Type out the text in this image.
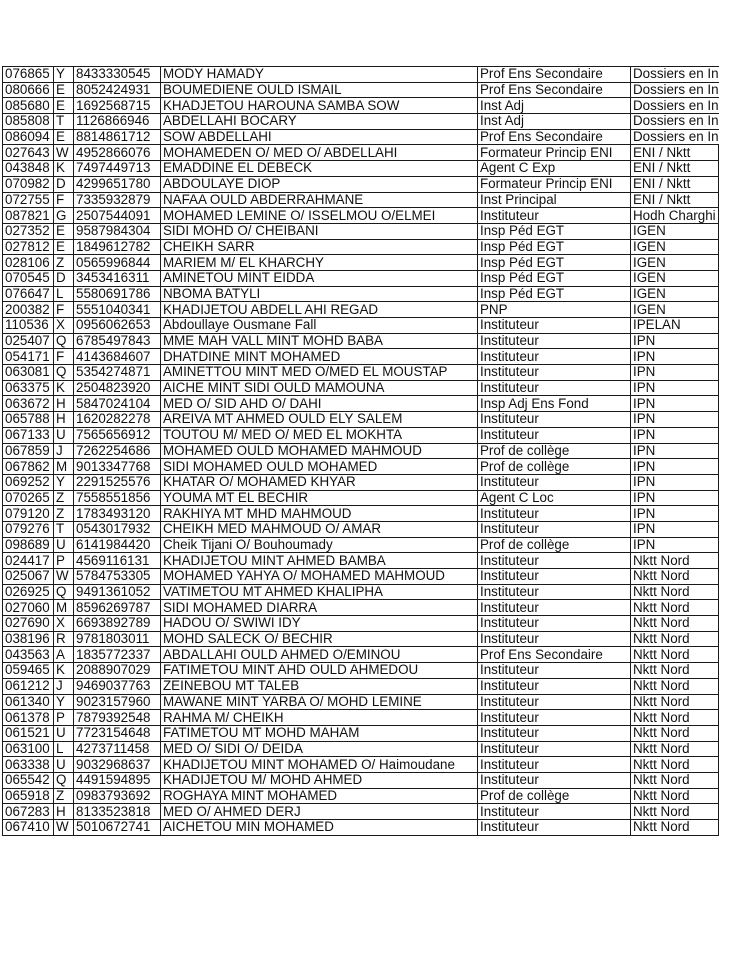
076865	Y	8433330545	MODY HAMADY	Prof Ens Secondaire	Dossiers en In
080666	E	8052424931	BOUMEDIENE OULD ISMAIL	Prof Ens Secondaire	Dossiers en In
085680	E	1692568715	KHADJETOU HAROUNA SAMBA SOW	Inst Adj	Dossiers en In
085808	T	1126866946	ABDELLAHI BOCARY	Inst Adj	Dossiers en In
086094	E	8814861712	SOW ABDELLAHI	Prof Ens Secondaire	Dossiers en In
027643	W	4952866076	MOHAMEDEN O/ MED O/ ABDELLAHI	Formateur Princip ENI	ENI / Nktt
043848	K	7497449713	EMADDINE EL DEBECK	Agent C Exp	ENI / Nktt
070982	D	4299651780	ABDOULAYE DIOP	Formateur Princip ENI	ENI / Nktt
072755	F	7335932879	NAFAA OULD ABDERRAHMANE	Inst Principal	ENI / Nktt
087821	G	2507544091	MOHAMED LEMINE O/ ISSELMOU O/ELMEI	Instituteur	Hodh Charghi
027352	E	9587984304	SIDI MOHD O/ CHEIBANI	Insp Péd EGT	IGEN
027812	E	1849612782	CHEIKH SARR	Insp Péd EGT	IGEN
028106	Z	0565996844	MARIEM M/ EL KHARCHY	Insp Péd EGT	IGEN
070545	D	3453416311	AMINETOU MINT EIDDA	Insp Péd EGT	IGEN
076647	L	5580691786	NBOMA BATYLI	Insp Péd EGT	IGEN
200382	F	5551040341	KHADIJETOU ABDELL AHI REGAD	PNP	IGEN
110536	X	0956062653	Abdoullaye Ousmane Fall	Instituteur	IPELAN
025407	Q	6785497843	MME MAH VALL MINT MOHD BABA	Instituteur	IPN
054171	F	4143684607	DHATDINE MINT MOHAMED	Instituteur	IPN
063081	Q	5354274871	AMINETTOU MINT MED O/MED EL MOUSTAP	Instituteur	IPN
063375	K	2504823920	AICHE MINT SIDI OULD MAMOUNA	Instituteur	IPN
063672	H	5847024104	MED O/ SID AHD O/ DAHI	Insp Adj Ens Fond	IPN
065788	H	1620282278	AREIVA MT AHMED OULD ELY SALEM	Instituteur	IPN
067133	U	7565656912	TOUTOU M/ MED O/ MED EL MOKHTA	Instituteur	IPN
067859	J	7262254686	MOHAMED OULD MOHAMED MAHMOUD	Prof de collège	IPN
067862	M	9013347768	SIDI MOHAMED OULD MOHAMED	Prof de collège	IPN
069252	Y	2291525576	KHATAR O/ MOHAMED KHYAR	Instituteur	IPN
070265	Z	7558551856	YOUMA MT EL BECHIR	Agent C Loc	IPN
079120	Z	1783493120	RAKHIYA MT MHD MAHMOUD	Instituteur	IPN
079276	T	0543017932	CHEIKH MED MAHMOUD O/ AMAR	Instituteur	IPN
098689	U	6141984420	Cheik Tijani O/ Bouhoumady	Prof de collège	IPN
024417	P	4569116131	KHADIJETOU MINT AHMED BAMBA	Instituteur	Nktt Nord
025067	W	5784753305	MOHAMED YAHYA O/ MOHAMED MAHMOUD	Instituteur	Nktt Nord
026925	Q	9491361052	VATIMETOU MT AHMED KHALIPHA	Instituteur	Nktt Nord
027060	M	8596269787	SIDI MOHAMED DIARRA	Instituteur	Nktt Nord
027690	X	6693892789	HADOU O/ SWIWI IDY	Instituteur	Nktt Nord
038196	R	9781803011	MOHD SALECK O/ BECHIR	Instituteur	Nktt Nord
043563	A	1835772337	ABDALLAHI OULD AHMED O/EMINOU	Prof Ens Secondaire	Nktt Nord
059465	K	2088907029	FATIMETOU MINT AHD OULD AHMEDOU	Instituteur	Nktt Nord
061212	J	9469037763	ZEINEBOU MT TALEB	Instituteur	Nktt Nord
061340	Y	9023157960	MAWANE MINT YARBA O/ MOHD LEMINE	Instituteur	Nktt Nord
061378	P	7879392548	RAHMA M/ CHEIKH	Instituteur	Nktt Nord
061521	U	7723154648	FATIMETOU MT MOHD MAHAM	Instituteur	Nktt Nord
063100	L	4273711458	MED O/ SIDI O/ DEIDA	Instituteur	Nktt Nord
063338	U	9032968637	KHADIJETOU MINT MOHAMED O/ Haimoudane	Instituteur	Nktt Nord
065542	Q	4491594895	KHADIJETOU M/ MOHD AHMED	Instituteur	Nktt Nord
065918	Z	0983793692	ROGHAYA MINT MOHAMED	Prof de collège	Nktt Nord
067283	H	8133523818	MED O/ AHMED DERJ	Instituteur	Nktt Nord
067410	W	5010672741	AICHETOU MIN MOHAMED	Instituteur	Nktt Nord
